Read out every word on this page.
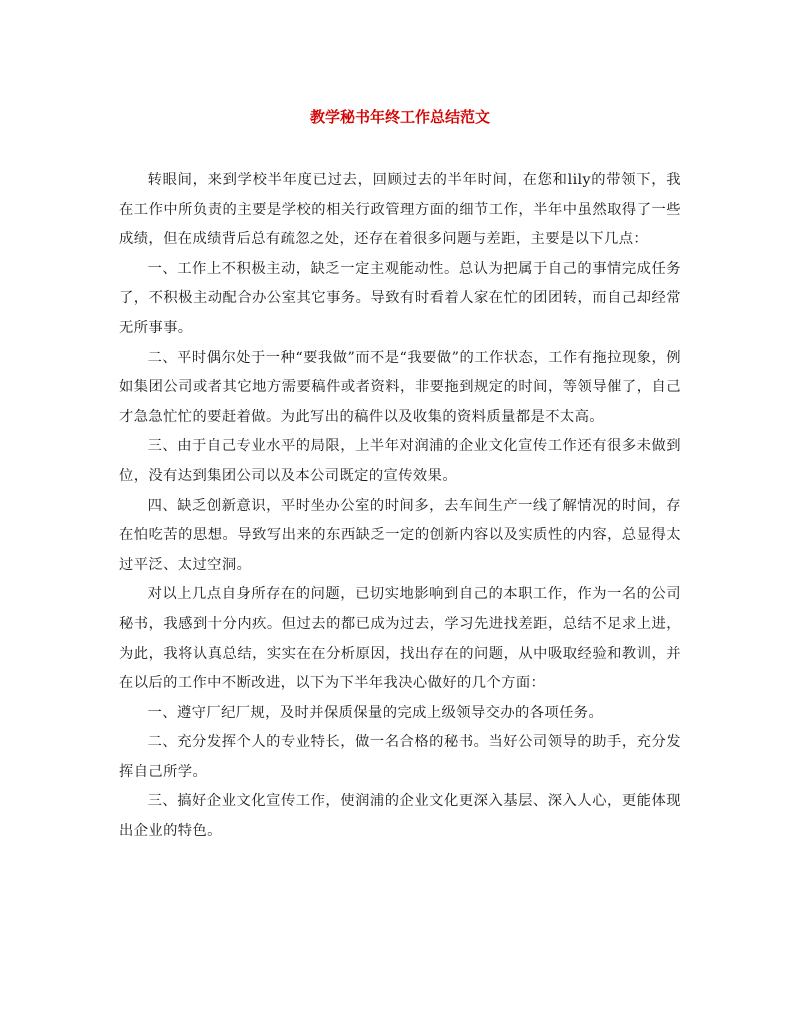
教学秘书年终工作总结范文

转眼间，来到学校半年度已过去，回顾过去的半年时间，在您和lily的带领下，我在工作中所负责的主要是学校的相关行政管理方面的细节工作，半年中虽然取得了一些成绩，但在成绩背后总有疏忽之处，还存在着很多问题与差距，主要是以下几点：

一、工作上不积极主动，缺乏一定主观能动性。总认为把属于自己的事情完成任务了，不积极主动配合办公室其它事务。导致有时看着人家在忙的团团转，而自己却经常无所事事。

二、平时偶尔处于一种“要我做”而不是“我要做”的工作状态，工作有拖拉现象，例如集团公司或者其它地方需要稿件或者资料，非要拖到规定的时间，等领导催了，自己才急急忙忙的要赶着做。为此写出的稿件以及收集的资料质量都是不太高。

三、由于自己专业水平的局限，上半年对润浦的企业文化宣传工作还有很多未做到位，没有达到集团公司以及本公司既定的宣传效果。

四、缺乏创新意识，平时坐办公室的时间多，去车间生产一线了解情况的时间，存在怕吃苦的思想。导致写出来的东西缺乏一定的创新内容以及实质性的内容，总显得太过平泛、太过空洞。

对以上几点自身所存在的问题，已切实地影响到自己的本职工作，作为一名的公司秘书，我感到十分内疚。但过去的都已成为过去，学习先进找差距，总结不足求上进，为此，我将认真总结，实实在在分析原因，找出存在的问题，从中吸取经验和教训，并在以后的工作中不断改进，以下为下半年我决心做好的几个方面：

一、遵守厂纪厂规，及时并保质保量的完成上级领导交办的各项任务。

二、充分发挥个人的专业特长，做一名合格的秘书。当好公司领导的助手，充分发挥自己所学。

三、搞好企业文化宣传工作，使润浦的企业文化更深入基层、深入人心，更能体现出企业的特色。
